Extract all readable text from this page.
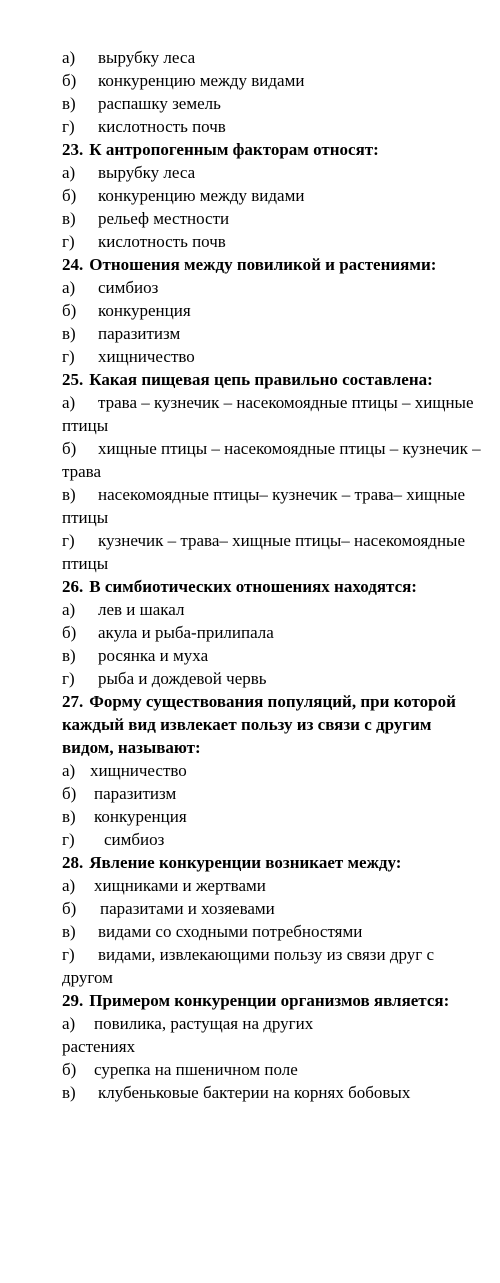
а)	вырубку леса
б)	конкуренцию между видами
в)	распашку земель
г)	кислотность почв
23. К антропогенным факторам относят:
а)	вырубку леса
б)	конкуренцию между видами
в)	рельеф местности
г)	кислотность почв
24. Отношения между повиликой и растениями:
а)	симбиоз
б)	конкуренция
в)	паразитизм
г)	хищничество
25. Какая пищевая цепь правильно составлена:
а) трава – кузнечик – насекомоядные птицы – хищные птицы
б) хищные птицы – насекомоядные птицы – кузнечик – трава
в) насекомоядные птицы– кузнечик – трава– хищные птицы
г) кузнечик – трава– хищные птицы– насекомоядные птицы
26. В симбиотических отношениях находятся:
а)	лев и шакал
б)	акула и рыба-прилипала
в)	росянка и муха
г)	рыба и дождевой червь
27. Форму существования популяций, при которой каждый вид извлекает пользу из связи с другим видом, называют:
а) хищничество
б)	паразитизм
в)	конкуренция
г)	симбиоз
28. Явление конкуренции возникает между:
а)	хищниками и жертвами
б)	паразитами и хозяевами
в)	видами со сходными потребностями
г) видами, извлекающими пользу из связи друг с другом
29. Примером конкуренции организмов является:
а) повилика, растущая на других растениях
б)	сурепка на пшеничном поле
в) клубеньковые бактерии на корнях бобовых
